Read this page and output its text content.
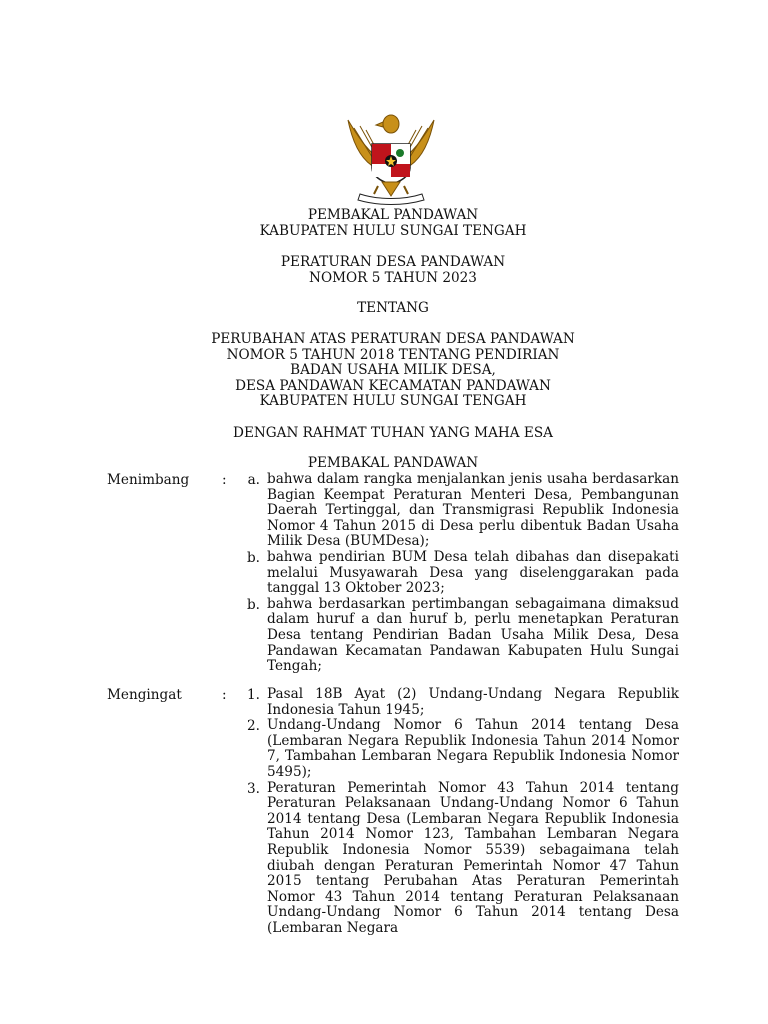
PEMBAKAL PANDAWAN
KABUPATEN HULU SUNGAI TENGAH
PERATURAN DESA PANDAWAN
NOMOR 5 TAHUN 2023
TENTANG
PERUBAHAN ATAS PERATURAN DESA PANDAWAN
NOMOR 5 TAHUN 2018 TENTANG PENDIRIAN
BADAN USAHA MILIK DESA,
DESA PANDAWAN KECAMATAN PANDAWAN
KABUPATEN HULU SUNGAI TENGAH
DENGAN RAHMAT TUHAN YANG MAHA ESA
PEMBAKAL PANDAWAN
Menimbang :	a. bahwa dalam rangka menjalankan jenis usaha berdasarkan Bagian Keempat Peraturan Menteri Desa, Pembangunan Daerah Tertinggal, dan Transmigrasi Republik Indonesia Nomor 4 Tahun 2015 di Desa perlu dibentuk Badan Usaha Milik Desa (BUMDesa);
b. bahwa pendirian BUM Desa telah dibahas dan disepakati melalui Musyawarah Desa yang diselenggarakan pada tanggal 13 Oktober 2023;
b. bahwa berdasarkan pertimbangan sebagaimana dimaksud dalam huruf a dan huruf b, perlu menetapkan Peraturan Desa tentang Pendirian Badan Usaha Milik Desa, Desa Pandawan Kecamatan Pandawan Kabupaten Hulu Sungai Tengah;
Mengingat	:	1. Pasal 18B Ayat (2) Undang-Undang Negara Republik Indonesia Tahun 1945;
2. Undang-Undang Nomor 6 Tahun 2014 tentang Desa (Lembaran Negara Republik Indonesia Tahun 2014 Nomor 7, Tambahan Lembaran Negara Republik Indonesia Nomor 5495);
3. Peraturan Pemerintah Nomor 43 Tahun 2014 tentang Peraturan Pelaksanaan Undang-Undang Nomor 6 Tahun 2014 tentang Desa (Lembaran Negara Republik Indonesia Tahun 2014 Nomor 123, Tambahan Lembaran Negara Republik Indonesia Nomor 5539) sebagaimana telah diubah dengan Peraturan Pemerintah Nomor 47 Tahun 2015 tentang Perubahan Atas Peraturan Pemerintah Nomor 43 Tahun 2014 tentang Peraturan Pelaksanaan Undang-Undang Nomor 6 Tahun 2014 tentang Desa (Lembaran Negara
